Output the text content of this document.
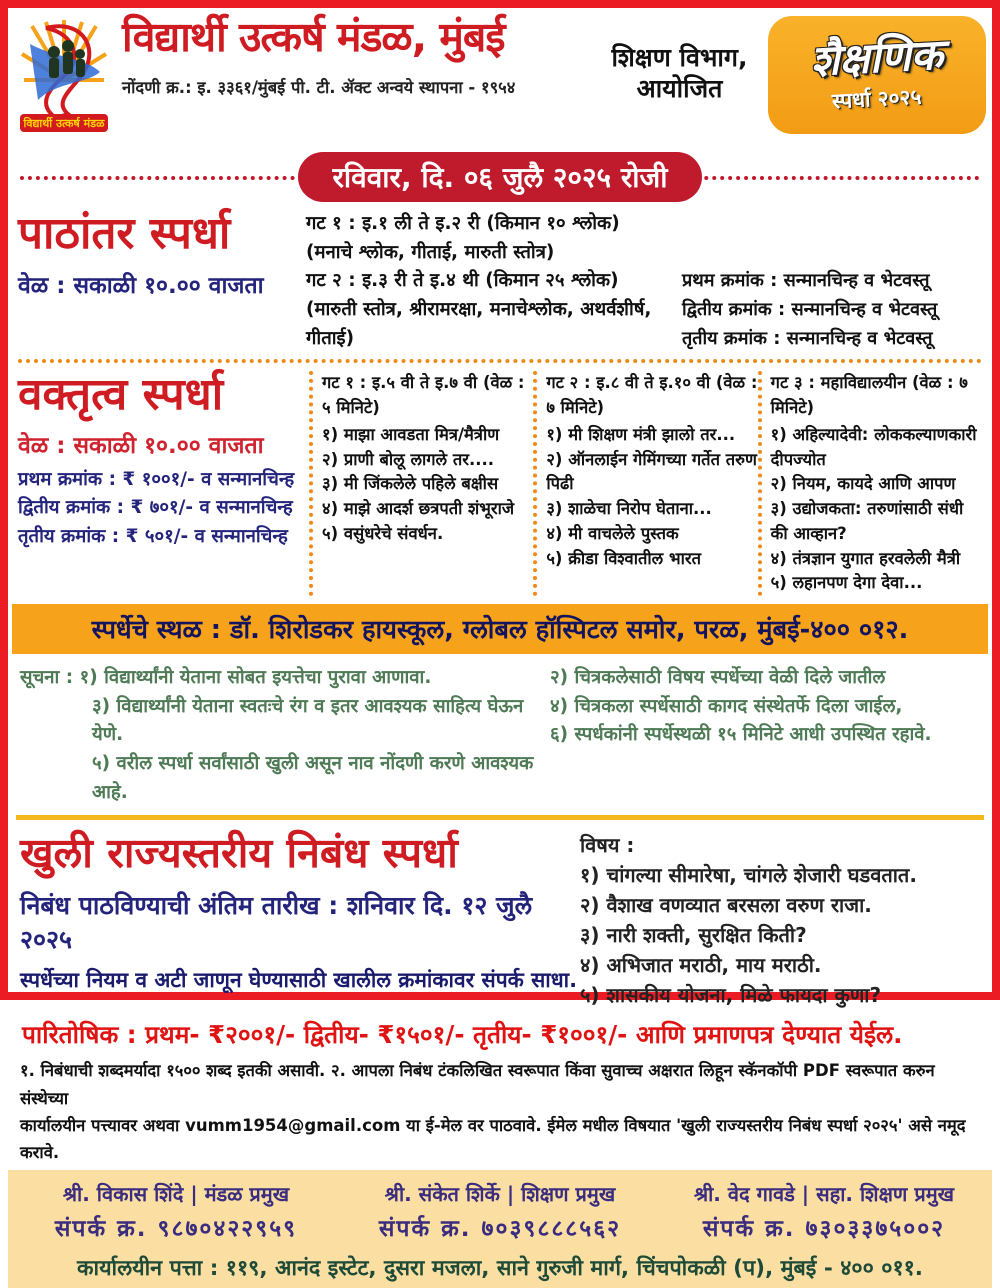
विद्यार्थी उत्कर्ष मंडळ
विद्यार्थी उत्कर्ष मंडळ, मुंबई
नोंदणी क्र.: इ. ३३६१/मुंबई पी. टी. ॲक्ट अन्वये स्थापना - १९५४
शिक्षण विभाग,
आयोजित
शैक्षणिक
स्पर्धा २०२५
रविवार, दि. ०६ जुलै २०२५ रोजी
पाठांतर स्पर्धा
वेळ : सकाळी १०.०० वाजता
गट १ : इ.१ ली ते इ.२ री (किमान १० श्लोक)
(मनाचे श्लोक, गीताई, मारुती स्तोत्र)
गट २ : इ.३ री ते इ.४ थी (किमान २५ श्लोक)
(मारुती स्तोत्र, श्रीरामरक्षा, मनाचेश्लोक, अथर्वशीर्ष, गीताई)
प्रथम क्रमांक : सन्मानचिन्ह व भेटवस्तू
द्वितीय क्रमांक : सन्मानचिन्ह व भेटवस्तू
तृतीय क्रमांक : सन्मानचिन्ह व भेटवस्तू
वक्तृत्व स्पर्धा
वेळ : सकाळी १०.०० वाजता
प्रथम क्रमांक : ₹ १००१/- व सन्मानचिन्ह
द्वितीय क्रमांक : ₹ ७०१/- व सन्मानचिन्ह
तृतीय क्रमांक : ₹ ५०१/- व सन्मानचिन्ह
गट १ : इ.५ वी ते इ.७ वी (वेळ : ५ मिनिटे)
१) माझा आवडता मित्र/मैत्रीण
२) प्राणी बोलू लागले तर....
३) मी जिंकलेले पहिले बक्षीस
४) माझे आदर्श छत्रपती शंभूराजे
५) वसुंधरेचे संवर्धन.
गट २ : इ.८ वी ते इ.१० वी (वेळ : ७ मिनिटे)
१) मी शिक्षण मंत्री झालो तर...
२) ऑनलाईन गेमिंगच्या गर्तेत तरुण पिढी
३) शाळेचा निरोप घेताना...
४) मी वाचलेले पुस्तक
५) क्रीडा विश्वातील भारत
गट ३ : महाविद्यालयीन (वेळ : ७ मिनिटे)
१) अहिल्यादेवी: लोककल्याणकारी दीपज्योत
२) नियम, कायदे आणि आपण
३) उद्योजकता: तरुणांसाठी संधी की आव्हान?
४) तंत्रज्ञान युगात हरवलेली मैत्री
५) लहानपण देगा देवा...
स्पर्धेचे स्थळ : डॉ. शिरोडकर हायस्कूल, ग्लोबल हॉस्पिटल समोर, परळ, मुंबई-४०० ०१२.
सूचना : १) विद्यार्थ्यांनी येताना सोबत इयत्तेचा पुरावा आणावा.
३) विद्यार्थ्यांनी येताना स्वतःचे रंग व इतर आवश्यक साहित्य घेऊन येणे.
५) वरील स्पर्धा सर्वांसाठी खुली असून नाव नोंदणी करणे आवश्यक आहे.
२) चित्रकलेसाठी विषय स्पर्धेच्या वेळी दिले जातील
४) चित्रकला स्पर्धेसाठी कागद संस्थेतर्फे दिला जाईल,
६) स्पर्धकांनी स्पर्धेस्थळी १५ मिनिटे आधी उपस्थित रहावे.
खुली राज्यस्तरीय निबंध स्पर्धा
निबंध पाठविण्याची अंतिम तारीख : शनिवार दि. १२ जुलै २०२५
स्पर्धेच्या नियम व अटी जाणून घेण्यासाठी खालील क्रमांकावर संपर्क साधा.
विषय :
१) चांगल्या सीमारेषा, चांगले शेजारी घडवतात.
२) वैशाख वणव्यात बरसला वरुण राजा.
३) नारी शक्ती, सुरक्षित किती?
४) अभिजात मराठी, माय मराठी.
५) शासकीय योजना, मिळे फायदा कुणा?
पारितोषिक : प्रथम- ₹२००१/- द्वितीय- ₹१५०१/- तृतीय- ₹१००१/- आणि प्रमाणपत्र देण्यात येईल.
१. निबंधाची शब्दमर्यादा १५०० शब्द इतकी असावी. २. आपला निबंध टंकलिखित स्वरूपात किंवा सुवाच्च अक्षरात लिहून स्कॅनकॉपी PDF स्वरूपात करुन संस्थेच्या
कार्यालयीन पत्त्यावर अथवा vumm1954@gmail.com या ई-मेल वर पाठवावे. ईमेल मधील विषयात 'खुली राज्यस्तरीय निबंध स्पर्धा २०२५' असे नमूद करावे.
श्री. विकास शिंदे | मंडळ प्रमुख
संपर्क क्र. ९८७०४२२९५९
श्री. संकेत शिर्के | शिक्षण प्रमुख
संपर्क क्र. ७०३९८८८५६२
श्री. वेद गावडे | सहा. शिक्षण प्रमुख
संपर्क क्र. ७३०३३७५००२
कार्यालयीन पत्ता : ११९, आनंद इस्टेट, दुसरा मजला, साने गुरुजी मार्ग, चिंचपोकळी (प), मुंबई - ४०० ०११.
